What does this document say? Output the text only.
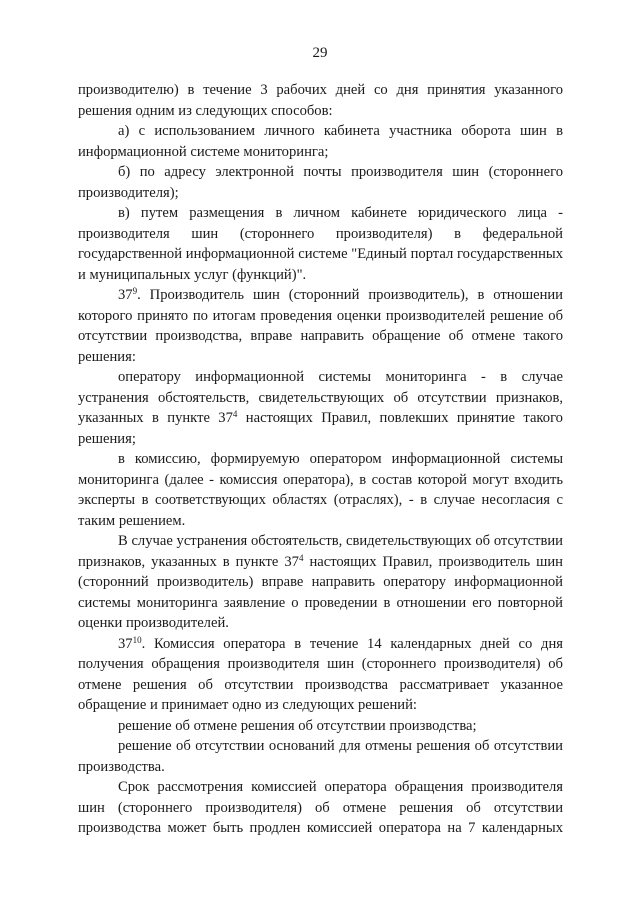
29

производителю) в течение 3 рабочих дней со дня принятия указанного решения одним из следующих способов:

а) с использованием личного кабинета участника оборота шин в информационной системе мониторинга;

б) по адресу электронной почты производителя шин (стороннего производителя);

в) путем размещения в личном кабинете юридического лица - производителя шин (стороннего производителя) в федеральной государственной информационной системе "Единый портал государственных и муниципальных услуг (функций)".

$37^9$. Производитель шин (сторонний производитель), в отношении которого принято по итогам проведения оценки производителей решение об отсутствии производства, вправе направить обращение об отмене такого решения:

оператору информационной системы мониторинга - в случае устранения обстоятельств, свидетельствующих об отсутствии признаков, указанных в пункте $37^4$ настоящих Правил, повлекших принятие такого решения;

в комиссию, формируемую оператором информационной системы мониторинга (далее - комиссия оператора), в состав которой могут входить эксперты в соответствующих областях (отраслях), - в случае несогласия с таким решением.

В случае устранения обстоятельств, свидетельствующих об отсутствии признаков, указанных в пункте $37^4$ настоящих Правил, производитель шин (сторонний производитель) вправе направить оператору информационной системы мониторинга заявление о проведении в отношении его повторной оценки производителей.

$37^{10}$. Комиссия оператора в течение 14 календарных дней со дня получения обращения производителя шин (стороннего производителя) об отмене решения об отсутствии производства рассматривает указанное обращение и принимает одно из следующих решений:

решение об отмене решения об отсутствии производства;

решение об отсутствии оснований для отмены решения об отсутствии производства.

Срок рассмотрения комиссией оператора обращения производителя шин (стороннего производителя) об отмене решения об отсутствии производства может быть продлен комиссией оператора на 7 календарных
